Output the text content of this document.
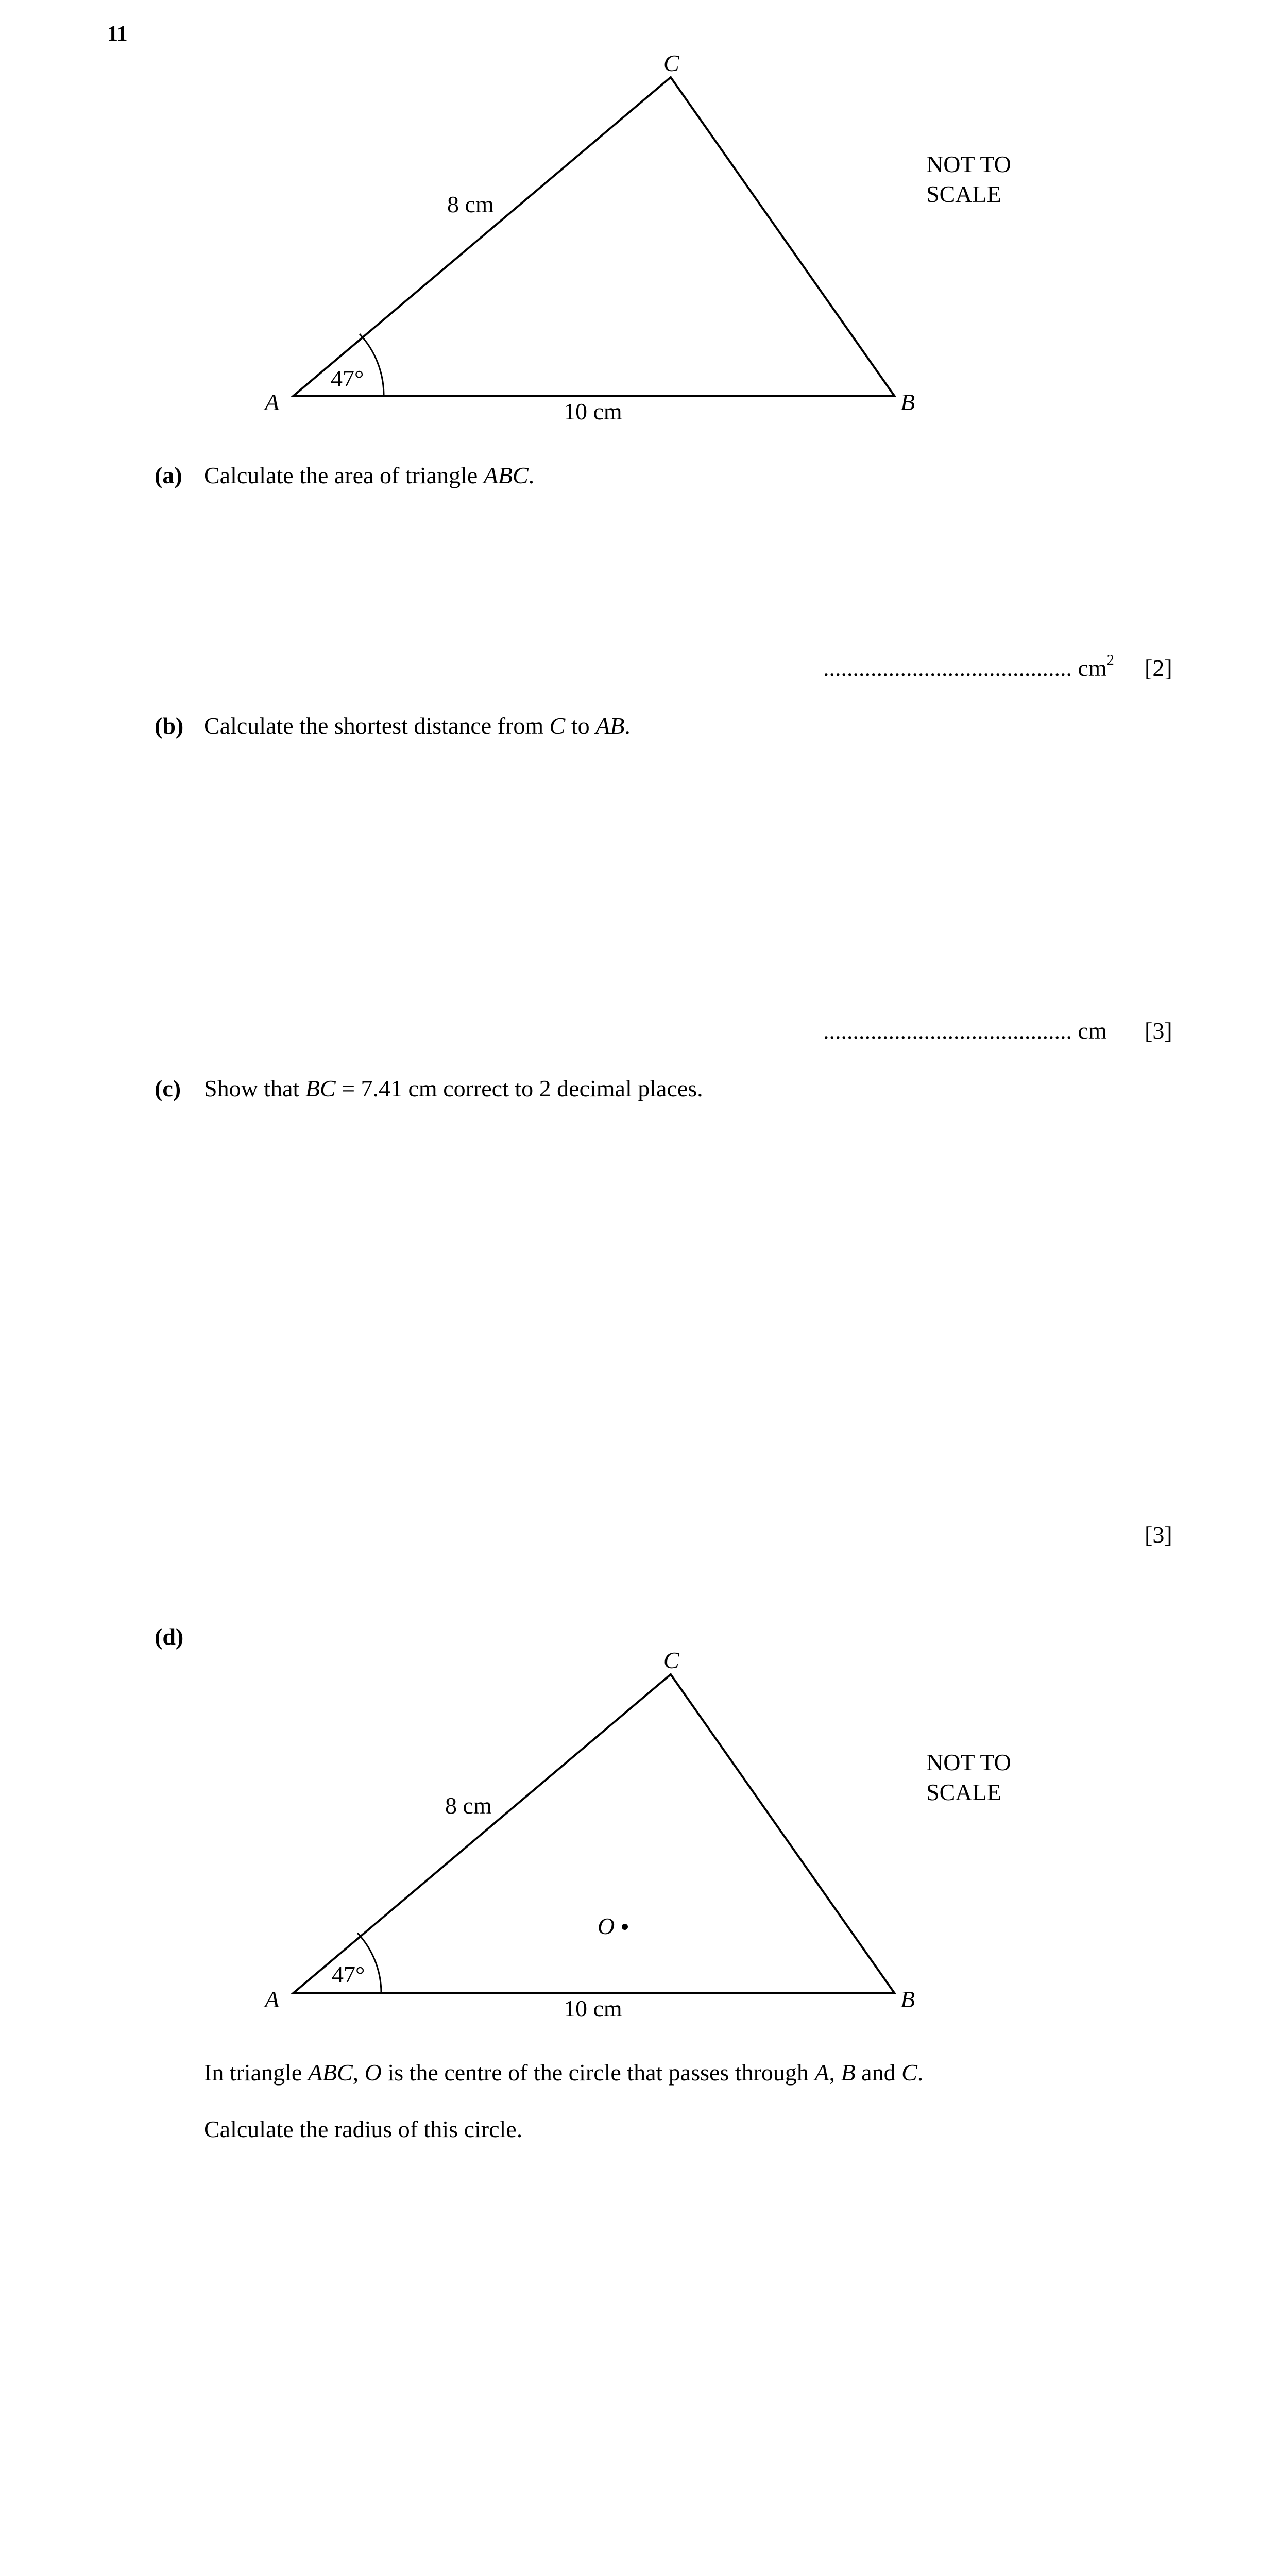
11
C
A	B
8 cm
10 cm
47°
NOT TO
SCALE
(a) Calculate the area of triangle ABC.
.......................................... $cm^2$ [2]
(b) Calculate the shortest distance from C to AB.
.......................................... cm [3]
(c) Show that BC = 7.41 cm correct to 2 decimal places.
[3]
(d)
O
C
A	B
8 cm
10 cm
47°
NOT TO
SCALE
In triangle ABC, O is the centre of the circle that passes through A, B and C.
Calculate the radius of this circle.
